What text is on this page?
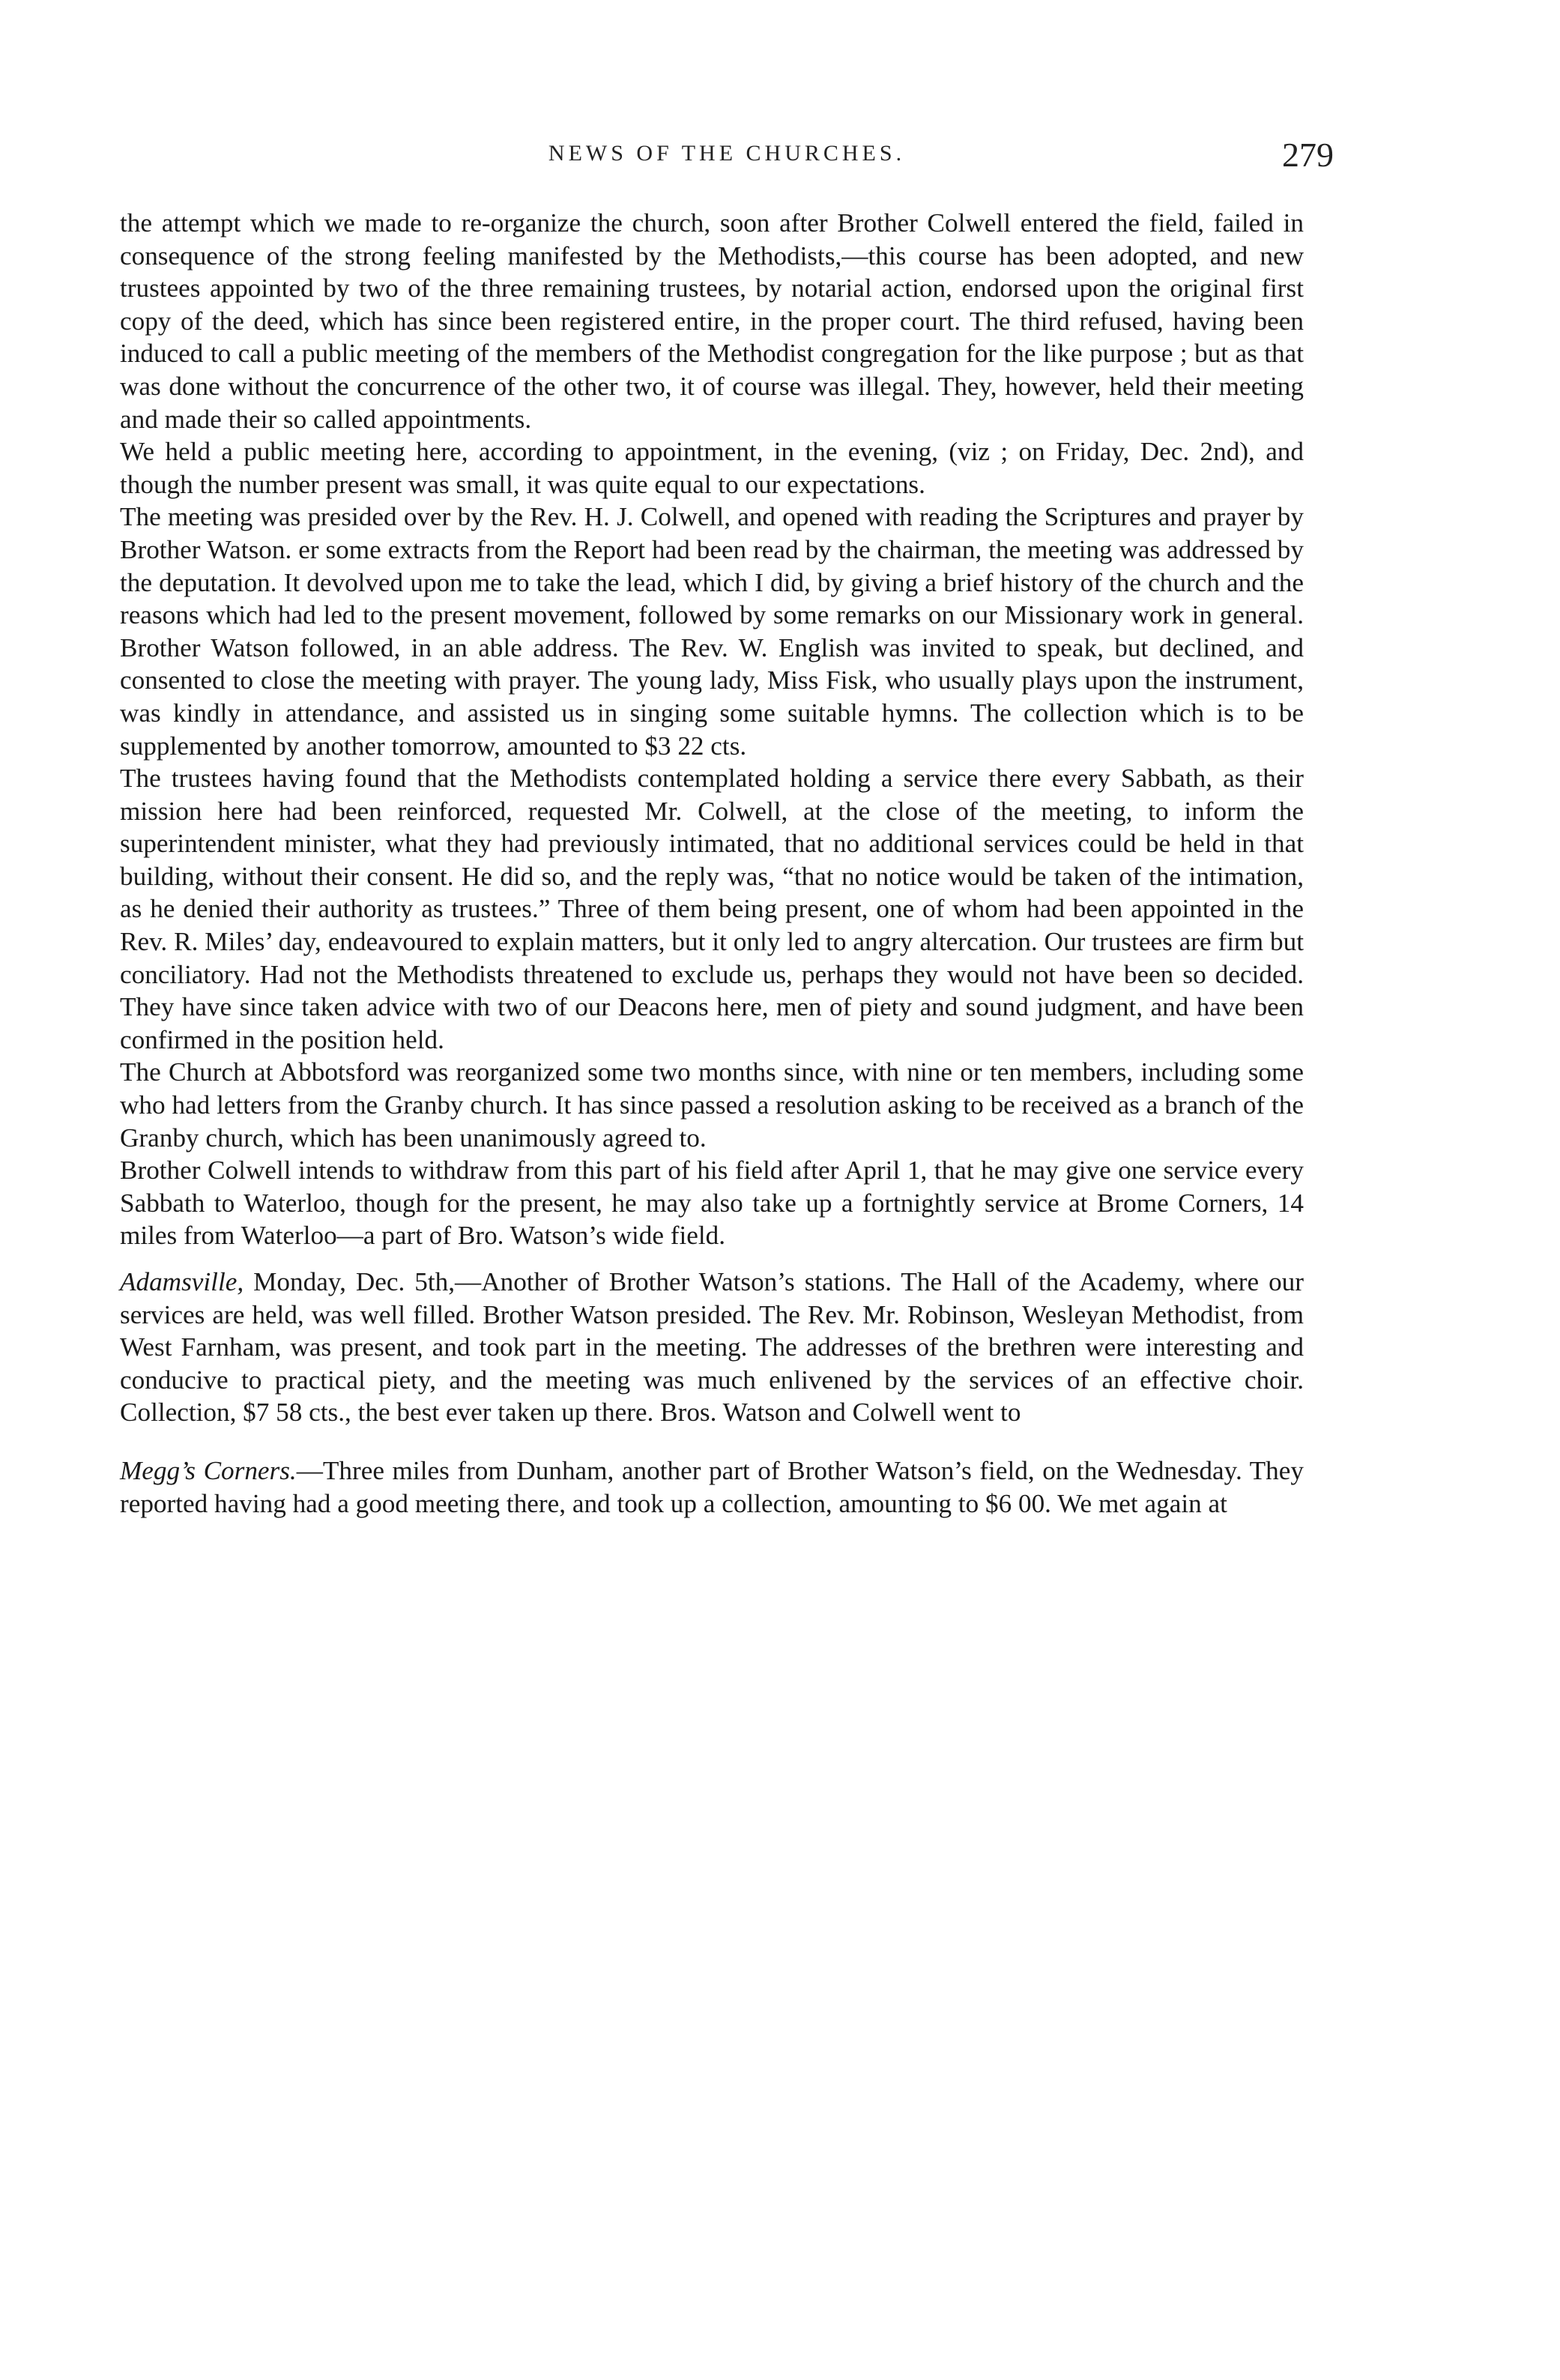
NEWS OF THE CHURCHES.	279

the attempt which we made to re-organize the church, soon after Brother Colwell entered the field, failed in consequence of the strong feeling manifested by the Methodists,—this course has been adopted, and new trustees appointed by two of the three remaining trustees, by notarial action, endorsed upon the original first copy of the deed, which has since been registered entire, in the proper court. The third refused, having been induced to call a public meeting of the members of the Methodist congregation for the like purpose ; but as that was done without the concurrence of the other two, it of course was illegal. They, however, held their meeting and made their so called appointments.

We held a public meeting here, according to appointment, in the evening, (viz ; on Friday, Dec. 2nd), and though the number present was small, it was quite equal to our expectations.

The meeting was presided over by the Rev. H. J. Colwell, and opened with reading the Scriptures and prayer by Brother Watson. er some extracts from the Report had been read by the chairman, the meeting was addressed by the deputation. It devolved upon me to take the lead, which I did, by giving a brief history of the church and the reasons which had led to the present movement, followed by some remarks on our Missionary work in general. Brother Watson followed, in an able address. The Rev. W. English was invited to speak, but declined, and consented to close the meeting with prayer. The young lady, Miss Fisk, who usually plays upon the instrument, was kindly in attendance, and assisted us in singing some suitable hymns. The collection which is to be supplemented by another tomorrow, amounted to $3 22 cts.

The trustees having found that the Methodists contemplated holding a service there every Sabbath, as their mission here had been reinforced, requested Mr. Colwell, at the close of the meeting, to inform the superintendent minister, what they had previously intimated, that no additional services could be held in that building, without their consent. He did so, and the reply was, “that no notice would be taken of the intimation, as he denied their authority as trustees.” Three of them being present, one of whom had been appointed in the Rev. R. Miles’ day, endeavoured to explain matters, but it only led to angry altercation. Our trustees are firm but conciliatory. Had not the Methodists threatened to exclude us, perhaps they would not have been so decided. They have since taken advice with two of our Deacons here, men of piety and sound judgment, and have been confirmed in the position held.

The Church at Abbotsford was reorganized some two months since, with nine or ten members, including some who had letters from the Granby church. It has since passed a resolution asking to be received as a branch of the Granby church, which has been unanimously agreed to.

Brother Colwell intends to withdraw from this part of his field after April 1, that he may give one service every Sabbath to Waterloo, though for the present, he may also take up a fortnightly service at Brome Corners, 14 miles from Waterloo—a part of Bro. Watson’s wide field.

Adamsville, Monday, Dec. 5th,—Another of Brother Watson’s stations. The Hall of the Academy, where our services are held, was well filled. Brother Watson presided. The Rev. Mr. Robinson, Wesleyan Methodist, from West Farnham, was present, and took part in the meeting. The addresses of the brethren were interesting and conducive to practical piety, and the meeting was much enlivened by the services of an effective choir. Collection, $7 58 cts., the best ever taken up there. Bros. Watson and Colwell went to

Megg’s Corners.—Three miles from Dunham, another part of Brother Watson’s field, on the Wednesday. They reported having had a good meeting there, and took up a collection, amounting to $6 00. We met again at
